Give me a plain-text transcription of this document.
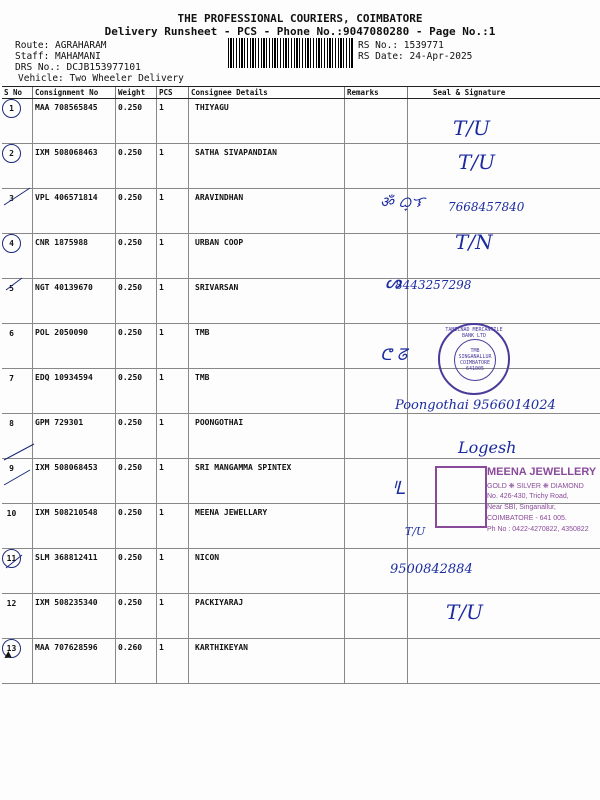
THE PROFESSIONAL COURIERS, COIMBATORE
Delivery Runsheet - PCS - Phone No.:9047080280 - Page No.:1
Route: AGRAHARAM
Staff: MAHAMANI
DRS No.: DCJB153977101
Vehicle: Two Wheeler Delivery
RS No.: 1539771
RS Date: 24-Apr-2025
S No	Consignment No	Weight	PCS	Consignee Details	Remarks	Seal & Signature
1	MAA 708565845	0.250	1	THIYAGU		
2	IXM 508068463	0.250	1	SATHA SIVAPANDIAN		
3	VPL 406571814	0.250	1	ARAVINDHAN		
4	CNR 1875988	0.250	1	URBAN COOP		
5	NGT 40139670	0.250	1	SRIVARSAN		
6	POL 2050090	0.250	1	TMB		
7	EDQ 10934594	0.250	1	TMB		
8	GPM 729301	0.250	1	POONGOTHAI		
9	IXM 508068453	0.250	1	SRI MANGAMMA SPINTEX		
10	IXM 508210548	0.250	1	MEENA JEWELLARY		
11	SLM 368812411	0.250	1	NICON		
12	IXM 508235340	0.250	1	PACKIYARAJ		
13	MAA 707628596	0.260	1	KARTHIKEYAN		
T/U
T/U
ॐ ᜊ᜔ᜎ 7668457840
T/N
ᔕ
8443257298
ᕦ ᘔ
Poongothai 9566014024
Logesh
ᑊᏞ
T/U
9500842884
T/U
TAMILNAD MERCANTILE BANK LTD
TMB SINGANALLUR COIMBATORE 641005
MEENA JEWELLERY
GOLD ❋ SILVER ❋ DIAMOND
No. 426-430, Trichy Road,
Near SBI, Singanallur,
COIMBATORE - 641 005.
Ph No : 0422-4270822, 4350822
